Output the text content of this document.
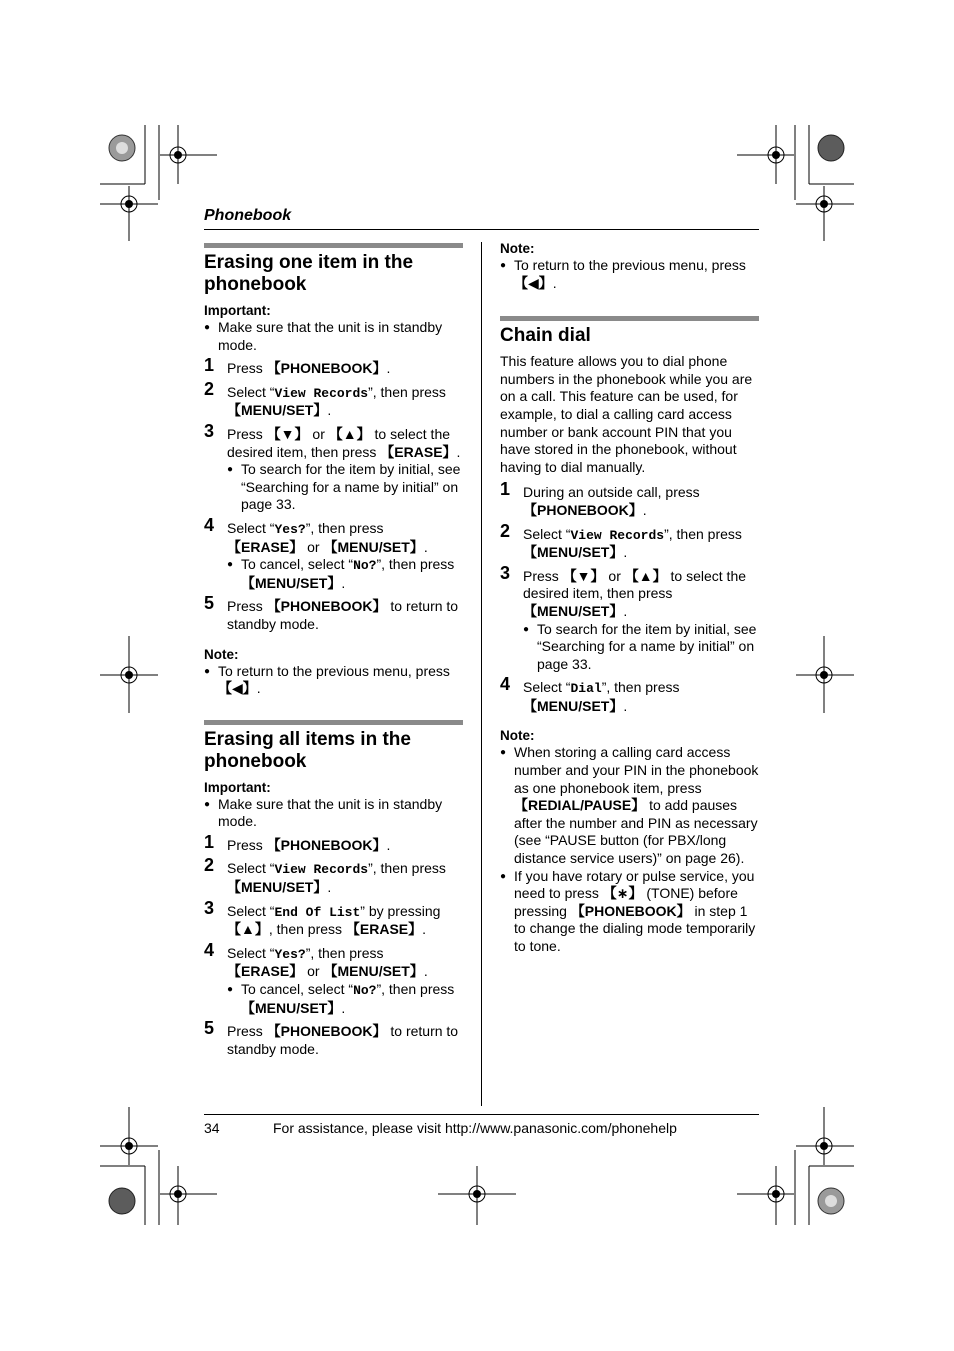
Phonebook
Erasing one item in the phonebook
Important:
● Make sure that the unit is in standby mode.
1 Press 【PHONEBOOK】.
2 Select “View Records”, then press 【MENU/SET】.
3 Press 【▼】 or 【▲】 to select the desired item, then press 【ERASE】.
● To search for the item by initial, see “Searching for a name by initial” on page 33.
4 Select “Yes?”, then press 【ERASE】 or 【MENU/SET】.
● To cancel, select “No?”, then press 【MENU/SET】.
5 Press 【PHONEBOOK】 to return to standby mode.
Note:
● To return to the previous menu, press 【◀】.
Erasing all items in the phonebook
Important:
● Make sure that the unit is in standby mode.
1 Press 【PHONEBOOK】.
2 Select “View Records”, then press 【MENU/SET】.
3 Select “End Of List” by pressing 【▲】, then press 【ERASE】.
4 Select “Yes?”, then press 【ERASE】 or 【MENU/SET】.
● To cancel, select “No?”, then press 【MENU/SET】.
5 Press 【PHONEBOOK】 to return to standby mode.
Note:
● To return to the previous menu, press 【◀】.
Chain dial

This feature allows you to dial phone numbers in the phonebook while you are on a call. This feature can be used, for example, to dial a calling card access number or bank account PIN that you have stored in the phonebook, without having to dial manually.

1 During an outside call, press 【PHONEBOOK】.
2 Select “View Records”, then press 【MENU/SET】.
3 Press 【▼】 or 【▲】 to select the desired item, then press 【MENU/SET】.
● To search for the item by initial, see “Searching for a name by initial” on page 33.
4 Select “Dial”, then press 【MENU/SET】.
Note:
● When storing a calling card access number and your PIN in the phonebook as one phonebook item, press 【REDIAL/PAUSE】 to add pauses after the number and PIN as necessary (see “PAUSE button (for PBX/long distance service users)” on page 26).
● If you have rotary or pulse service, you need to press 【∗】 (TONE) before pressing 【PHONEBOOK】 in step 1 to change the dialing mode temporarily to tone.
34	For assistance, please visit http://www.panasonic.com/phonehelp
